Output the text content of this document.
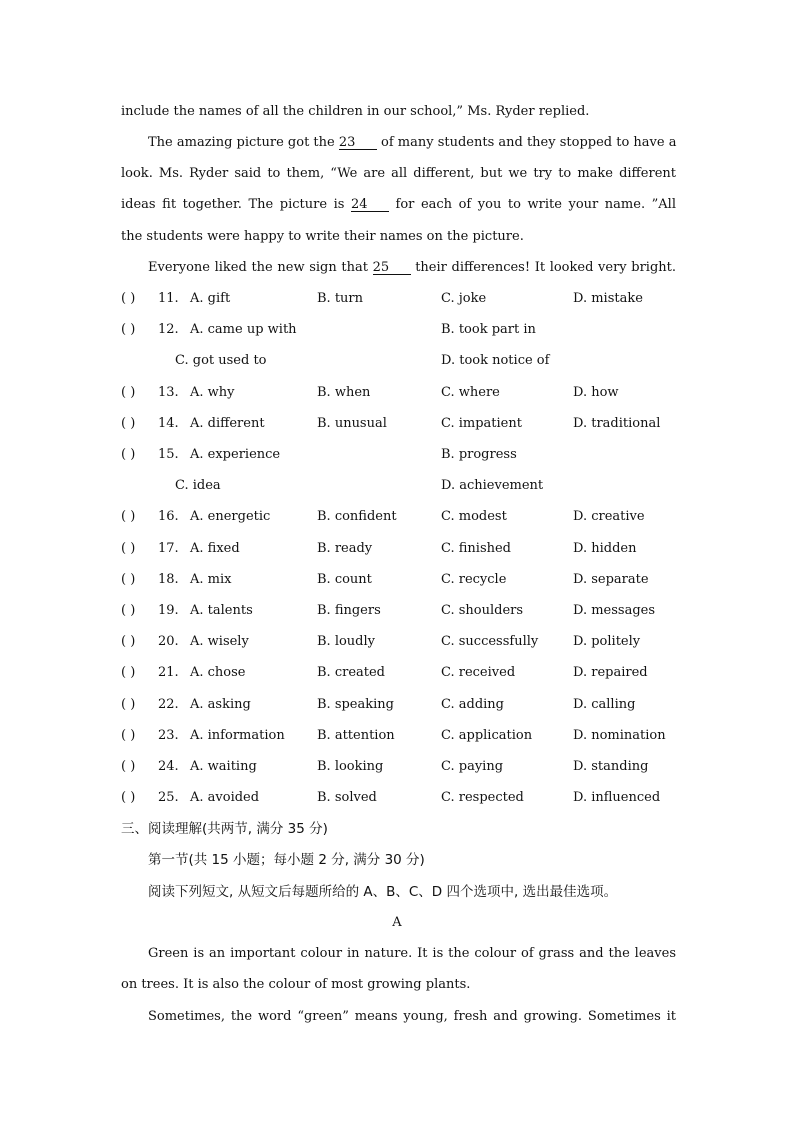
include the names of all the children in our school,” Ms. Ryder replied.
The amazing picture got the 23 of many students and they stopped to have a
look. Ms. Ryder said to them, “We are all different, but we try to make different
ideas fit together. The picture is 24 for each of you to write your name. ”All
the students were happy to write their names on the picture.
Everyone liked the new sign that 25 their differences! It looked very bright.
( ) 11. A. gift	B. turn	C. joke	D. mistake
( ) 12. A. came up with	B. took part in
C. got used to	D. took notice of
( ) 13. A. why	B. when	C. where	D. how
( ) 14. A. different	B. unusual	C. impatient	D. traditional
( ) 15. A. experience	B. progress
C. idea	D. achievement
( ) 16. A. energetic	B. confident	C. modest	D. creative
( ) 17. A. fixed	B. ready	C. finished	D. hidden
( ) 18. A. mix	B. count	C. recycle	D. separate
( ) 19. A. talents	B. fingers	C. shoulders	D. messages
( ) 20. A. wisely	B. loudly	C. successfully	D. politely
( ) 21. A. chose	B. created	C. received	D. repaired
( ) 22. A. asking	B. speaking	C. adding	D. calling
( ) 23. A. information B. attention	C. application	D. nomination
( ) 24. A. waiting	B. looking	C. paying	D. standing
( ) 25. A. avoided	B. solved	C. respected	D. influenced
三、阅读理解(共两节, 满分 35 分)
第一节(共 15 小题；每小题 2 分, 满分 30 分)
阅读下列短文, 从短文后每题所给的 A、B、C、D 四个选项中, 选出最佳选项。
A
Green is an important colour in nature. It is the colour of grass and the leaves
on trees. It is also the colour of most growing plants.
Sometimes, the word “green” means young, fresh and growing. Sometimes it
